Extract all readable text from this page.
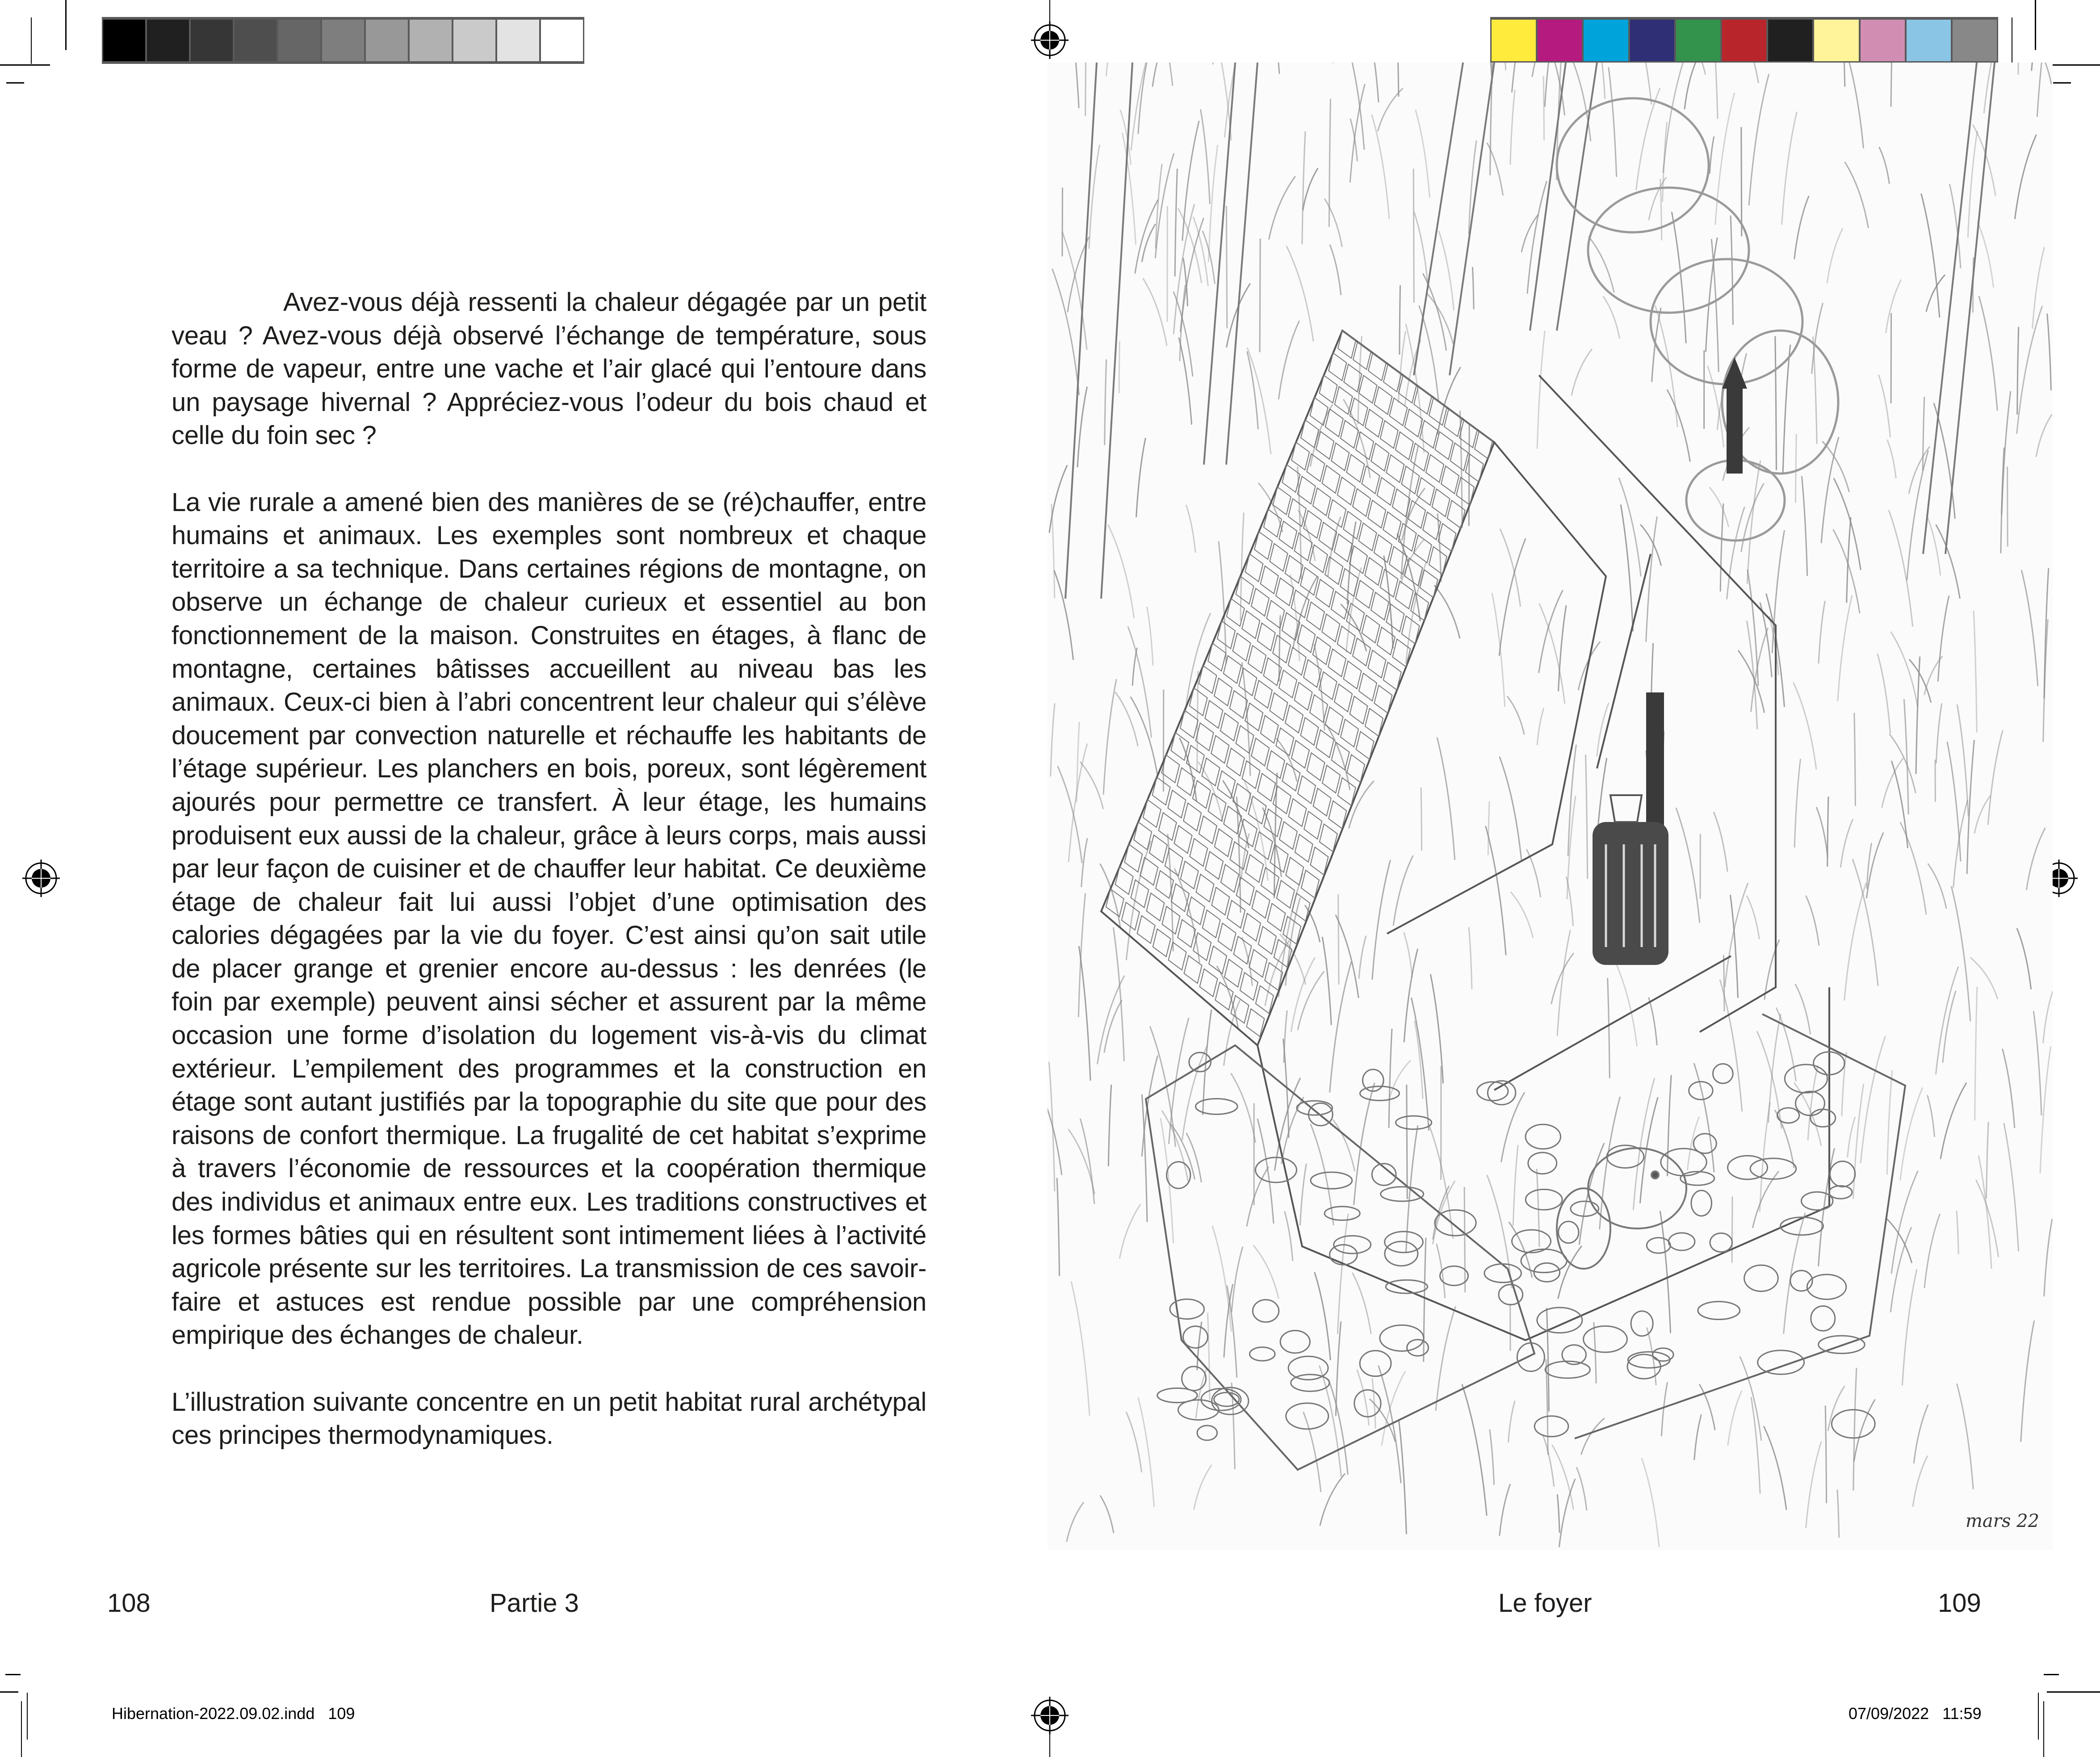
Avez-vous déjà ressenti la chaleur dégagée par un petit veau ? Avez-vous déjà observé l’échange de température, sous forme de vapeur, entre une vache et l’air glacé qui l’entoure dans un paysage hivernal ? Appréciez-vous l’odeur du bois chaud et celle du foin sec ?

La vie rurale a amené bien des manières de se (ré)chauffer, entre humains et animaux. Les exemples sont nombreux et chaque territoire a sa technique. Dans certaines régions de montagne, on observe un échange de chaleur curieux et essentiel au bon fonctionnement de la maison. Construites en étages, à flanc de montagne, certaines bâtisses accueillent au niveau bas les animaux. Ceux-ci bien à l’abri concentrent leur chaleur qui s’élève doucement par convection naturelle et réchauffe les habitants de l’étage supérieur. Les planchers en bois, poreux, sont légèrement ajourés pour permettre ce transfert. À leur étage, les humains produisent eux aussi de la chaleur, grâce à leurs corps, mais aussi par leur façon de cuisiner et de chauffer leur habitat. Ce deuxième étage de chaleur fait lui aussi l’objet d’une optimisation des calories dégagées par la vie du foyer. C’est ainsi qu’on sait utile de placer grange et grenier encore au-dessus : les denrées (le foin par exemple) peuvent ainsi sécher et assurent par la même occasion une forme d’isolation du logement vis-à-vis du climat extérieur. L’empilement des programmes et la construction en étage sont autant justifiés par la topographie du site que pour des raisons de confort thermique. La frugalité de cet habitat s’exprime à travers l’économie de ressources et la coopération thermique des individus et animaux entre eux. Les traditions constructives et les formes bâties qui en résultent sont intimement liées à l’activité agricole présente sur les territoires. La transmission de ces savoir-faire et astuces est rendue possible par une compréhension empirique des échanges de chaleur.

L’illustration suivante concentre en un petit habitat rural archétypal ces principes thermodynamiques.

108	Partie 3	Le foyer	109
Hibernation-2022.09.02.indd   109	07/09/2022   11:59
mars 22
